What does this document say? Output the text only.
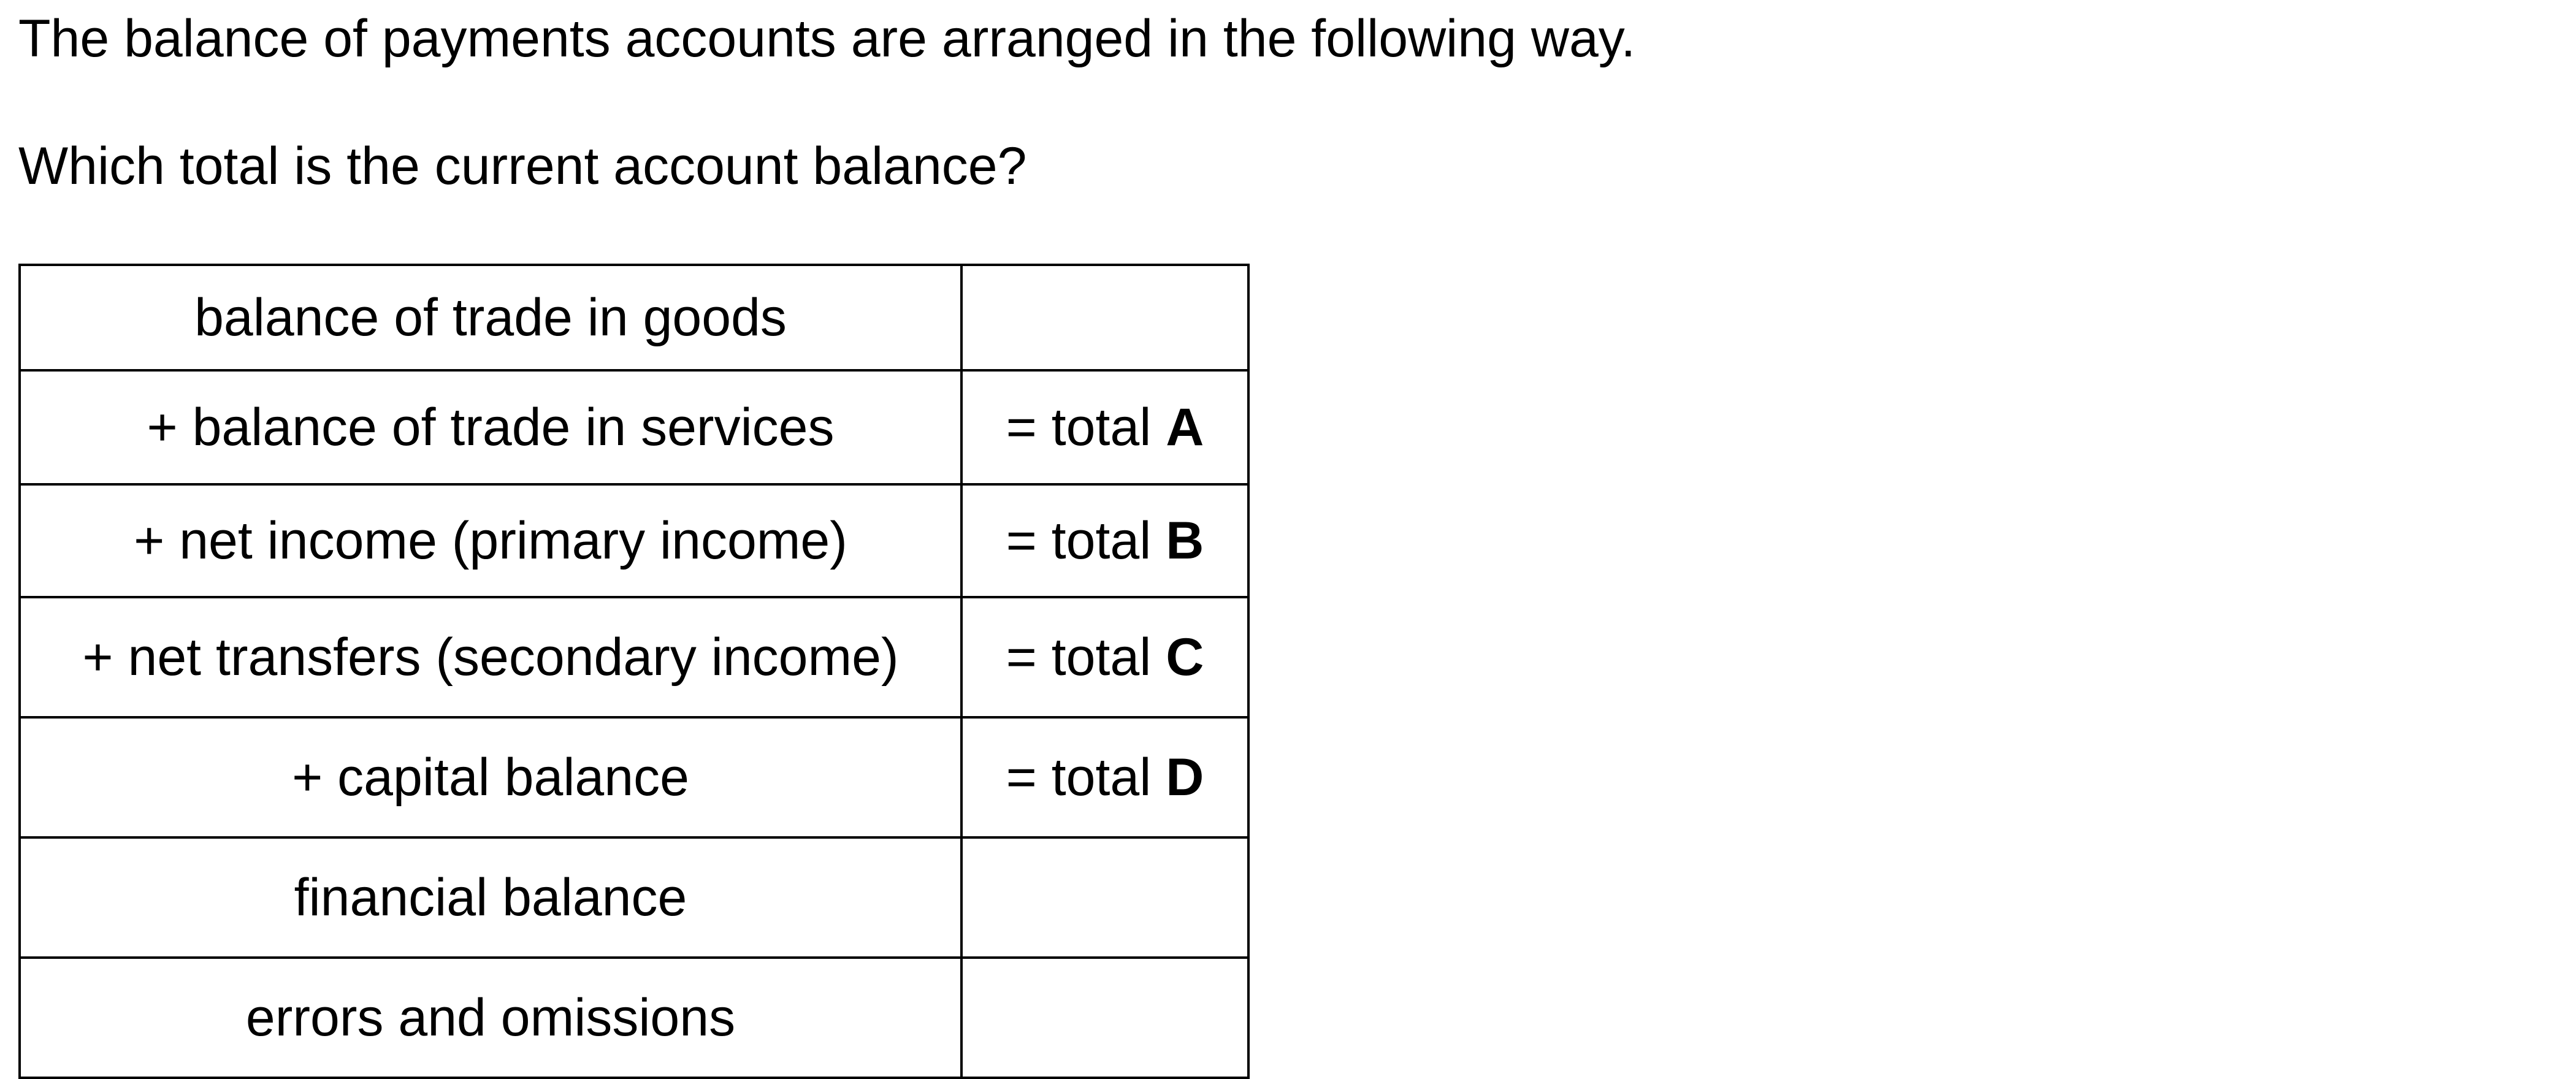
The balance of payments accounts are arranged in the following way.
Which total is the current account balance?
balance of trade in goods	
+ balance of trade in services	= total A
+ net income (primary income)	= total B
+ net transfers (secondary income)	= total C
+ capital balance	= total D
financial balance	
errors and omissions	
